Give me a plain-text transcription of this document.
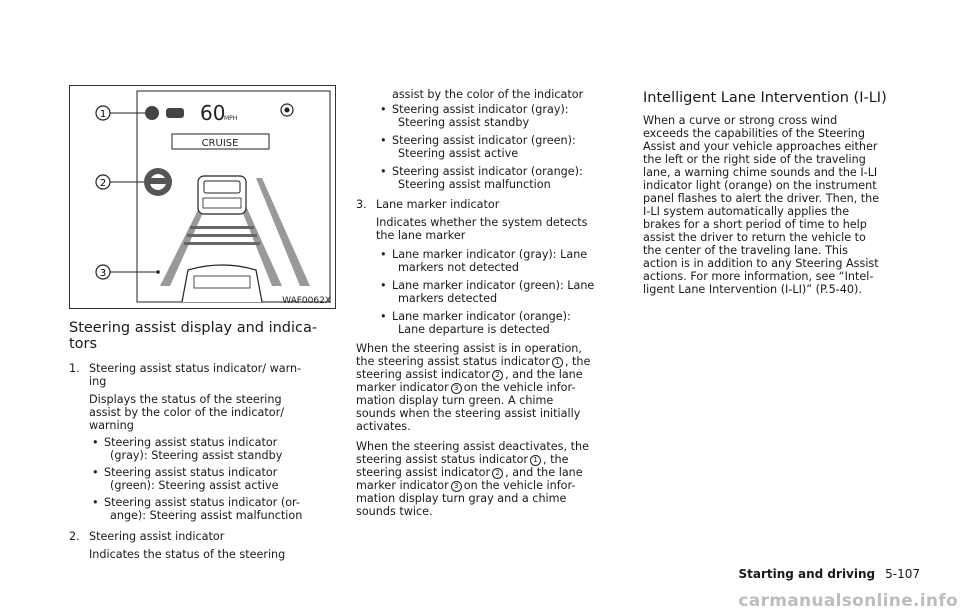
1
2
3
60
MPH
CRUISE
WAF0062X
Steering assist display and indica-
tors
1. Steering assist status indicator/ warn-
ing
Displays the status of the steering
assist by the color of the indicator/
warning
• Steering assist status indicator
(gray): Steering assist standby
• Steering assist status indicator
(green): Steering assist active
• Steering assist status indicator (or-
ange): Steering assist malfunction
2. Steering assist indicator
Indicates the status of the steering
assist by the color of the indicator
• Steering assist indicator (gray):
Steering assist standby
• Steering assist indicator (green):
Steering assist active
• Steering assist indicator (orange):
Steering assist malfunction
3. Lane marker indicator
Indicates whether the system detects
the lane marker
• Lane marker indicator (gray): Lane
markers not detected
• Lane marker indicator (green): Lane
markers detected
• Lane marker indicator (orange):
Lane departure is detected
When the steering assist is in operation,
the steering assist status indicator 1 , the
steering assist indicator 2 , and the lane
marker indicator 3 on the vehicle infor-
mation display turn green. A chime
sounds when the steering assist initially
activates.
When the steering assist deactivates, the
steering assist status indicator 1 , the
steering assist indicator 2 , and the lane
marker indicator 3 on the vehicle infor-
mation display turn gray and a chime
sounds twice.
Intelligent Lane Intervention (I-LI)
When a curve or strong cross wind
exceeds the capabilities of the Steering
Assist and your vehicle approaches either
the left or the right side of the traveling
lane, a warning chime sounds and the I-LI
indicator light (orange) on the instrument
panel flashes to alert the driver. Then, the
I-LI system automatically applies the
brakes for a short period of time to help
assist the driver to return the vehicle to
the center of the traveling lane. This
action is in addition to any Steering Assist
actions. For more information, see “Intel-
ligent Lane Intervention (I-LI)” (P.5-40).
Starting and driving 5-107
carmanualsonline.info
